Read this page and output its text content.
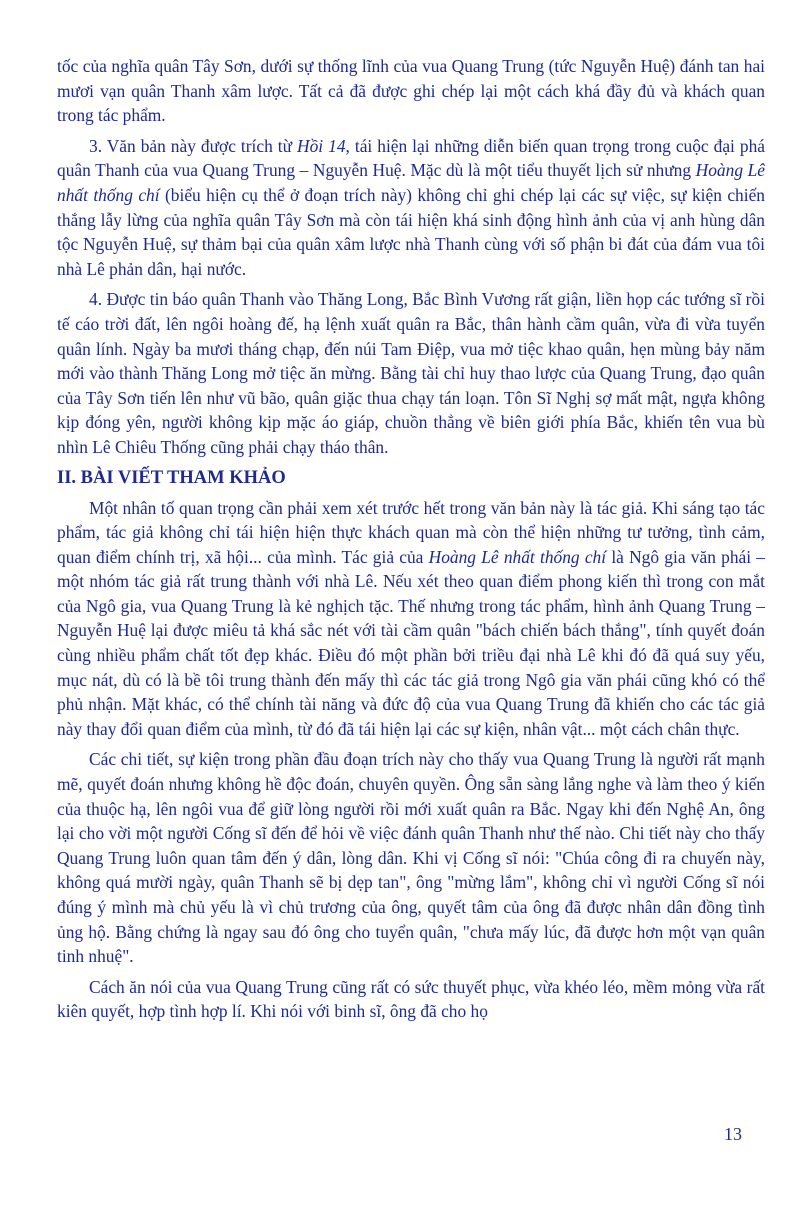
tốc của nghĩa quân Tây Sơn, dưới sự thống lĩnh của vua Quang Trung (tức Nguyễn Huệ) đánh tan hai mươi vạn quân Thanh xâm lược. Tất cả đã được ghi chép lại một cách khá đầy đủ và khách quan trong tác phẩm.

3. Văn bản này được trích từ Hồi 14, tái hiện lại những diễn biến quan trọng trong cuộc đại phá quân Thanh của vua Quang Trung – Nguyễn Huệ. Mặc dù là một tiểu thuyết lịch sử nhưng Hoàng Lê nhất thống chí (biểu hiện cụ thể ở đoạn trích này) không chỉ ghi chép lại các sự việc, sự kiện chiến thắng lẫy lừng của nghĩa quân Tây Sơn mà còn tái hiện khá sinh động hình ảnh của vị anh hùng dân tộc Nguyễn Huệ, sự thảm bại của quân xâm lược nhà Thanh cùng với số phận bi đát của đám vua tôi nhà Lê phản dân, hại nước.

4. Được tin báo quân Thanh vào Thăng Long, Bắc Bình Vương rất giận, liền họp các tướng sĩ rồi tế cáo trời đất, lên ngôi hoàng đế, hạ lệnh xuất quân ra Bắc, thân hành cầm quân, vừa đi vừa tuyển quân lính. Ngày ba mươi tháng chạp, đến núi Tam Điệp, vua mở tiệc khao quân, hẹn mùng bảy năm mới vào thành Thăng Long mở tiệc ăn mừng. Bằng tài chỉ huy thao lược của Quang Trung, đạo quân của Tây Sơn tiến lên như vũ bão, quân giặc thua chạy tán loạn. Tôn Sĩ Nghị sợ mất mật, ngựa không kịp đóng yên, người không kịp mặc áo giáp, chuồn thẳng về biên giới phía Bắc, khiến tên vua bù nhìn Lê Chiêu Thống cũng phải chạy tháo thân.

II. BÀI VIẾT THAM KHẢO

Một nhân tố quan trọng cần phải xem xét trước hết trong văn bản này là tác giả. Khi sáng tạo tác phẩm, tác giả không chỉ tái hiện hiện thực khách quan mà còn thể hiện những tư tưởng, tình cảm, quan điểm chính trị, xã hội... của mình. Tác giả của Hoàng Lê nhất thống chí là Ngô gia văn phái – một nhóm tác giả rất trung thành với nhà Lê. Nếu xét theo quan điểm phong kiến thì trong con mắt của Ngô gia, vua Quang Trung là kẻ nghịch tặc. Thế nhưng trong tác phẩm, hình ảnh Quang Trung – Nguyễn Huệ lại được miêu tả khá sắc nét với tài cầm quân "bách chiến bách thắng", tính quyết đoán cùng nhiều phẩm chất tốt đẹp khác. Điều đó một phần bởi triều đại nhà Lê khi đó đã quá suy yếu, mục nát, dù có là bề tôi trung thành đến mấy thì các tác giả trong Ngô gia văn phái cũng khó có thể phủ nhận. Mặt khác, có thể chính tài năng và đức độ của vua Quang Trung đã khiến cho các tác giả này thay đổi quan điểm của mình, từ đó đã tái hiện lại các sự kiện, nhân vật... một cách chân thực.

Các chi tiết, sự kiện trong phần đầu đoạn trích này cho thấy vua Quang Trung là người rất mạnh mẽ, quyết đoán nhưng không hề độc đoán, chuyên quyền. Ông sẵn sàng lắng nghe và làm theo ý kiến của thuộc hạ, lên ngôi vua để giữ lòng người rồi mới xuất quân ra Bắc. Ngay khi đến Nghệ An, ông lại cho vời một người Cống sĩ đến để hỏi về việc đánh quân Thanh như thế nào. Chi tiết này cho thấy Quang Trung luôn quan tâm đến ý dân, lòng dân. Khi vị Cống sĩ nói: "Chúa công đi ra chuyến này, không quá mười ngày, quân Thanh sẽ bị dẹp tan", ông "mừng lắm", không chỉ vì người Cống sĩ nói đúng ý mình mà chủ yếu là vì chủ trương của ông, quyết tâm của ông đã được nhân dân đồng tình ủng hộ. Bằng chứng là ngay sau đó ông cho tuyển quân, "chưa mấy lúc, đã được hơn một vạn quân tinh nhuệ".

Cách ăn nói của vua Quang Trung cũng rất có sức thuyết phục, vừa khéo léo, mềm mỏng vừa rất kiên quyết, hợp tình hợp lí. Khi nói với binh sĩ, ông đã cho họ

13
